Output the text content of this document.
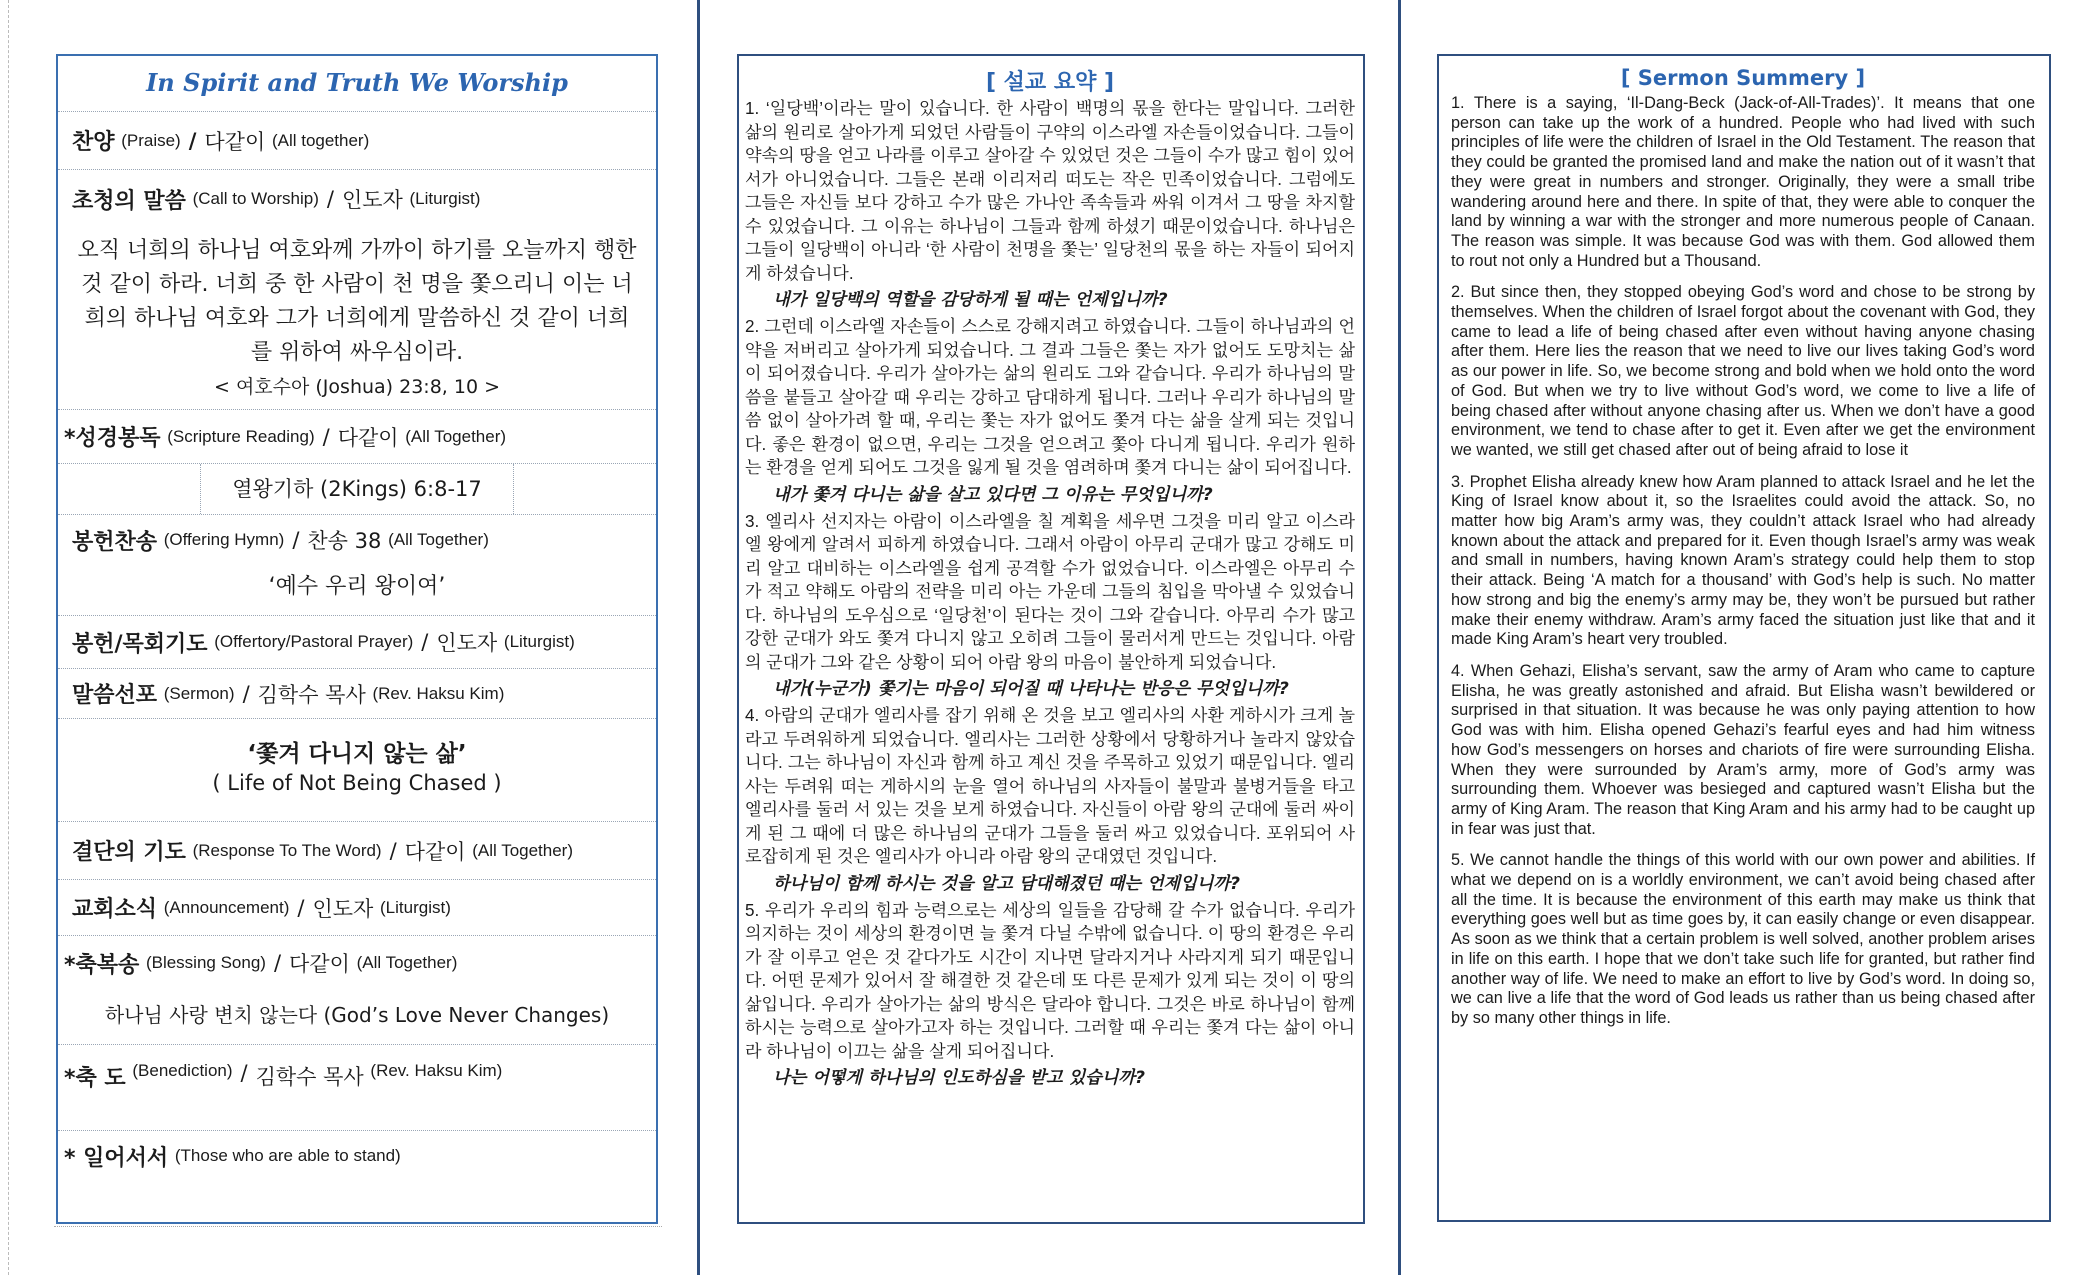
In Spirit and Truth We Worship
찬양
(Praise) / 다같이
(All together)
초청의 말씀
(Call to Worship) / 인도자
(Liturgist)
오직 너희의 하나님 여호와께 가까이 하기를 오늘까지 행한 것 같이 하라. 너희 중 한 사람이 천 명을 쫓으리니 이는 너희의 하나님 여호와 그가 너희에게 말씀하신 것 같이 너희를 위하여 싸우심이라.
< 여호수아 (Joshua) 23:8, 10 >
*성경봉독
(Scripture Reading) / 다같이
(All Together)
열왕기하 (2Kings) 6:8-17
봉헌찬송
(Offering Hymn) / 찬송 38
(All Together)
‘예수 우리 왕이여’
봉헌/목회기도
(Offertory/Pastoral Prayer) / 인도자
(Liturgist)
말씀선포
(Sermon) / 김학수 목사
(Rev. Haksu Kim)
‘쫓겨 다니지 않는 삶’
( Life of Not Being Chased )
결단의 기도
(Response To The Word) / 다같이
(All Together)
교회소식
(Announcement) / 인도자
(Liturgist)
*축복송
(Blessing Song) / 다같이
(All Together)
하나님 사랑 변치 않는다 (God’s Love Never Changes)
*축 도
(Benediction) / 김학수 목사
(Rev. Haksu Kim)
* 일어서서
(Those who are able to stand)
[ 설교 요약 ]
1. ‘일당백’이라는 말이 있습니다. 한 사람이 백명의 몫을 한다는 말입니다. 그러한 삶의 원리로 살아가게 되었던 사람들이 구약의 이스라엘 자손들이었습니다. 그들이 약속의 땅을 얻고 나라를 이루고 살아갈 수 있었던 것은 그들이 수가 많고 힘이 있어서가 아니었습니다. 그들은 본래 이리저리 떠도는 작은 민족이었습니다. 그럼에도 그들은 자신들 보다 강하고 수가 많은 가나안 족속들과 싸워 이겨서 그 땅을 차지할 수 있었습니다. 그 이유는 하나님이 그들과 함께 하셨기 때문이었습니다. 하나님은 그들이 일당백이 아니라 ‘한 사람이 천명을 쫓는’ 일당천의 몫을 하는 자들이 되어지게 하셨습니다.
내가 일당백의 역할을 감당하게 될 때는 언제입니까?
2. 그런데 이스라엘 자손들이 스스로 강해지려고 하였습니다. 그들이 하나님과의 언약을 저버리고 살아가게 되었습니다. 그 결과 그들은 쫓는 자가 없어도 도망치는 삶이 되어졌습니다. 우리가 살아가는 삶의 원리도 그와 같습니다. 우리가 하나님의 말씀을 붙들고 살아갈 때 우리는 강하고 담대하게 됩니다. 그러나 우리가 하나님의 말씀 없이 살아가려 할 때, 우리는 쫓는 자가 없어도 쫓겨 다는 삶을 살게 되는 것입니다. 좋은 환경이 없으면, 우리는 그것을 얻으려고 쫓아 다니게 됩니다. 우리가 원하는 환경을 얻게 되어도 그것을 잃게 될 것을 염려하며 쫓겨 다니는 삶이 되어집니다.
내가 쫓겨 다니는 삶을 살고 있다면 그 이유는 무엇입니까?
3. 엘리사 선지자는 아람이 이스라엘을 칠 계획을 세우면 그것을 미리 알고 이스라엘 왕에게 알려서 피하게 하였습니다. 그래서 아람이 아무리 군대가 많고 강해도 미리 알고 대비하는 이스라엘을 쉽게 공격할 수가 없었습니다. 이스라엘은 아무리 수가 적고 약해도 아람의 전략을 미리 아는 가운데 그들의 침입을 막아낼 수 있었습니다. 하나님의 도우심으로 ‘일당천’이 된다는 것이 그와 같습니다. 아무리 수가 많고 강한 군대가 와도 쫓겨 다니지 않고 오히려 그들이 물러서게 만드는 것입니다. 아람의 군대가 그와 같은 상황이 되어 아람 왕의 마음이 불안하게 되었습니다.
내가(누군가) 쫓기는 마음이 되어질 때 나타나는 반응은 무엇입니까?
4. 아람의 군대가 엘리사를 잡기 위해 온 것을 보고 엘리사의 사환 게하시가 크게 놀라고 두려워하게 되었습니다. 엘리사는 그러한 상황에서 당황하거나 놀라지 않았습니다. 그는 하나님이 자신과 함께 하고 계신 것을 주목하고 있었기 때문입니다. 엘리사는 두려워 떠는 게하시의 눈을 열어 하나님의 사자들이 불말과 불병거들을 타고 엘리사를 둘러 서 있는 것을 보게 하였습니다. 자신들이 아람 왕의 군대에 둘러 싸이게 된 그 때에 더 많은 하나님의 군대가 그들을 둘러 싸고 있었습니다. 포위되어 사로잡히게 된 것은 엘리사가 아니라 아람 왕의 군대였던 것입니다.
하나님이 함께 하시는 것을 알고 담대해졌던 때는 언제입니까?
5. 우리가 우리의 힘과 능력으로는 세상의 일들을 감당해 갈 수가 없습니다. 우리가 의지하는 것이 세상의 환경이면 늘 쫓겨 다닐 수밖에 없습니다. 이 땅의 환경은 우리가 잘 이루고 얻은 것 같다가도 시간이 지나면 달라지거나 사라지게 되기 때문입니다. 어떤 문제가 있어서 잘 해결한 것 같은데 또 다른 문제가 있게 되는 것이 이 땅의 삶입니다. 우리가 살아가는 삶의 방식은 달라야 합니다. 그것은 바로 하나님이 함께 하시는 능력으로 살아가고자 하는 것입니다. 그러할 때 우리는 쫓겨 다는 삶이 아니라 하나님이 이끄는 삶을 살게 되어집니다.
나는 어떻게 하나님의 인도하심을 받고 있습니까?
[ Sermon Summery ]
1. There is a saying, ‘Il-Dang-Beck (Jack-of-All-Trades)’. It means that one person can take up the work of a hundred. People who had lived with such principles of life were the children of Israel in the Old Testament. The reason that they could be granted the promised land and make the nation out of it wasn’t that they were great in numbers and stronger. Originally, they were a small tribe wandering around here and there. In spite of that, they were able to conquer the land by winning a war with the stronger and more numerous people of Canaan. The reason was simple. It was because God was with them. God allowed them to rout not only a Hundred but a Thousand.
2. But since then, they stopped obeying God’s word and chose to be strong by themselves. When the children of Israel forgot about the covenant with God, they came to lead a life of being chased after even without having anyone chasing after them. Here lies the reason that we need to live our lives taking God’s word as our power in life. So, we become strong and bold when we hold onto the word of God. But when we try to live without God’s word, we come to live a life of being chased after without anyone chasing after us. When we don’t have a good environment, we tend to chase after to get it. Even after we get the environment we wanted, we still get chased after out of being afraid to lose it
3. Prophet Elisha already knew how Aram planned to attack Israel and he let the King of Israel know about it, so the Israelites could avoid the attack. So, no matter how big Aram’s army was, they couldn’t attack Israel who had already known about the attack and prepared for it. Even though Israel’s army was weak and small in numbers, having known Aram’s strategy could help them to stop their attack. Being ‘A match for a thousand’ with God’s help is such. No matter how strong and big the enemy’s army may be, they won’t be pursued but rather make their enemy withdraw. Aram’s army faced the situation just like that and it made King Aram’s heart very troubled.
4. When Gehazi, Elisha’s servant, saw the army of Aram who came to capture Elisha, he was greatly astonished and afraid. But Elisha wasn’t bewildered or surprised in that situation. It was because he was only paying attention to how God was with him. Elisha opened Gehazi’s fearful eyes and had him witness how God’s messengers on horses and chariots of fire were surrounding Elisha. When they were surrounded by Aram’s army, more of God’s army was surrounding them. Whoever was besieged and captured wasn’t Elisha but the army of King Aram. The reason that King Aram and his army had to be caught up in fear was just that.
5. We cannot handle the things of this world with our own power and abilities. If what we depend on is a worldly environment, we can’t avoid being chased after all the time. It is because the environment of this earth may make us think that everything goes well but as time goes by, it can easily change or even disappear. As soon as we think that a certain problem is well solved, another problem arises in life on this earth. I hope that we don’t take such life for granted, but rather find another way of life. We need to make an effort to live by God’s word. In doing so, we can live a life that the word of God leads us rather than us being chased after by so many other things in life.
